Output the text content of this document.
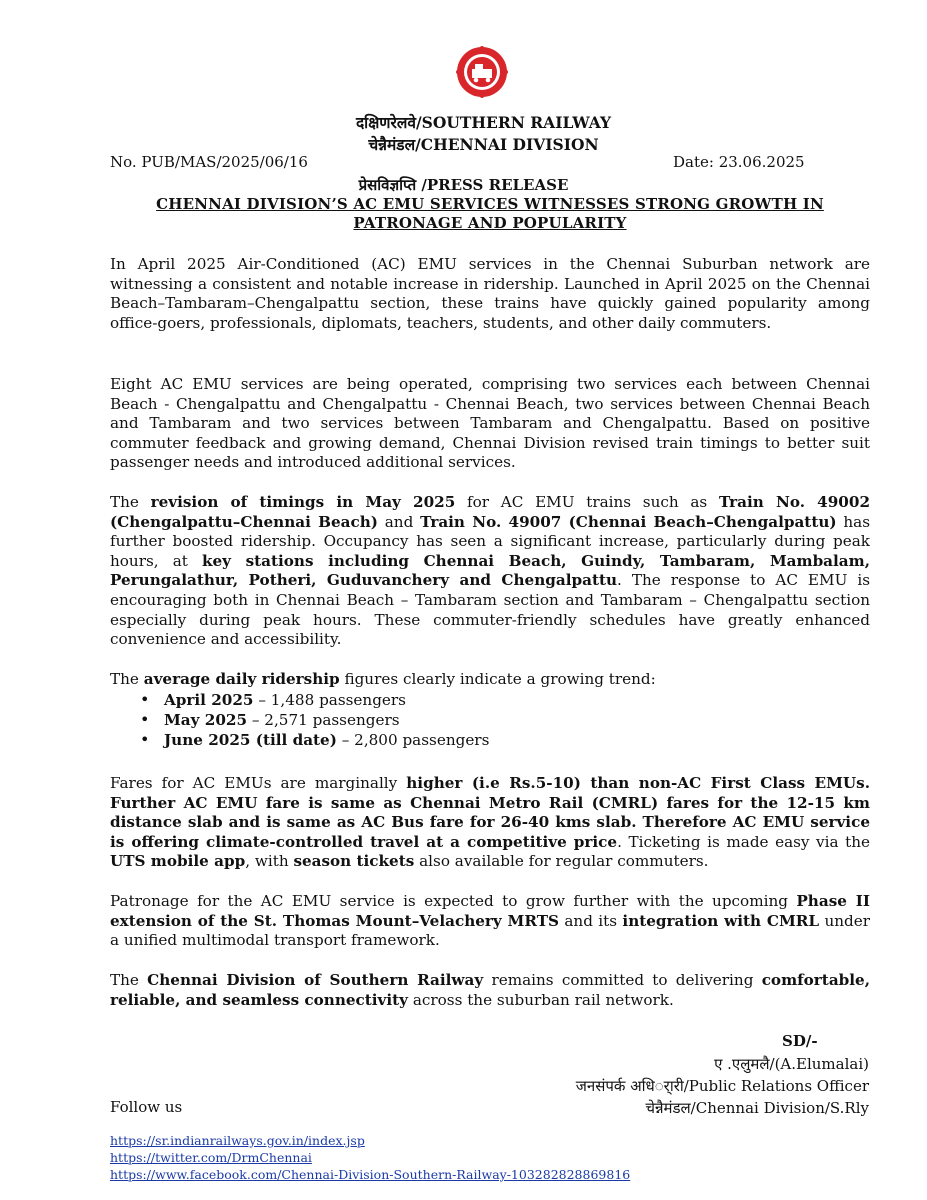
दक्षिणरेलवे/SOUTHERN RAILWAY
चेन्नैमंडल/CHENNAI DIVISION
No. PUB/MAS/2025/06/16	Date: 23.06.2025
प्रेसविज्ञप्ति /PRESS RELEASE
CHENNAI DIVISION’S AC EMU SERVICES WITNESSES STRONG GROWTH IN
PATRONAGE AND POPULARITY

In April 2025 Air-Conditioned (AC) EMU services in the Chennai Suburban network are witnessing a consistent and notable increase in ridership. Launched in April 2025 on the Chennai Beach–Tambaram–Chengalpattu section, these trains have quickly gained popularity among office-goers, professionals, diplomats, teachers, students, and other daily commuters.

Eight AC EMU services are being operated, comprising two services each between Chennai Beach - Chengalpattu and Chengalpattu - Chennai Beach, two services between Chennai Beach and Tambaram and two services between Tambaram and Chengalpattu. Based on positive commuter feedback and growing demand, Chennai Division revised train timings to better suit passenger needs and introduced additional services.

The revision of timings in May 2025 for AC EMU trains such as Train No. 49002 (Chengalpattu–Chennai Beach) and Train No. 49007 (Chennai Beach–Chengalpattu) has further boosted ridership. Occupancy has seen a significant increase, particularly during peak hours, at key stations including Chennai Beach, Guindy, Tambaram, Mambalam, Perungalathur, Potheri, Guduvanchery and Chengalpattu. The response to AC EMU is encouraging both in Chennai Beach – Tambaram section and Tambaram – Chengalpattu section especially during peak hours. These commuter-friendly schedules have greatly enhanced convenience and accessibility.

The average daily ridership figures clearly indicate a growing trend:

• April 2025 – 1,488 passengers
• May 2025 – 2,571 passengers
• June 2025 (till date) – 2,800 passengers

Fares for AC EMUs are marginally higher (i.e Rs.5-10) than non-AC First Class EMUs. Further AC EMU fare is same as Chennai Metro Rail (CMRL) fares for the 12-15 km distance slab and is same as AC Bus fare for 26-40 kms slab. Therefore AC EMU service is offering climate-controlled travel at a competitive price. Ticketing is made easy via the UTS mobile app, with season tickets also available for regular commuters.

Patronage for the AC EMU service is expected to grow further with the upcoming Phase II extension of the St. Thomas Mount–Velachery MRTS and its integration with CMRL under a unified multimodal transport framework.

The Chennai Division of Southern Railway remains committed to delivering comfortable, reliable, and seamless connectivity across the suburban rail network.

SD/-
ए .एलुमलै/(A.Elumalai)
जनसंपर्क अधिर्ारी/Public Relations Officer
चेन्नैमंडल/Chennai Division/S.Rly
Follow us
https://sr.indianrailways.gov.in/index.jsp
https://twitter.com/DrmChennai
https://www.facebook.com/Chennai-Division-Southern-Railway-103282828869816
